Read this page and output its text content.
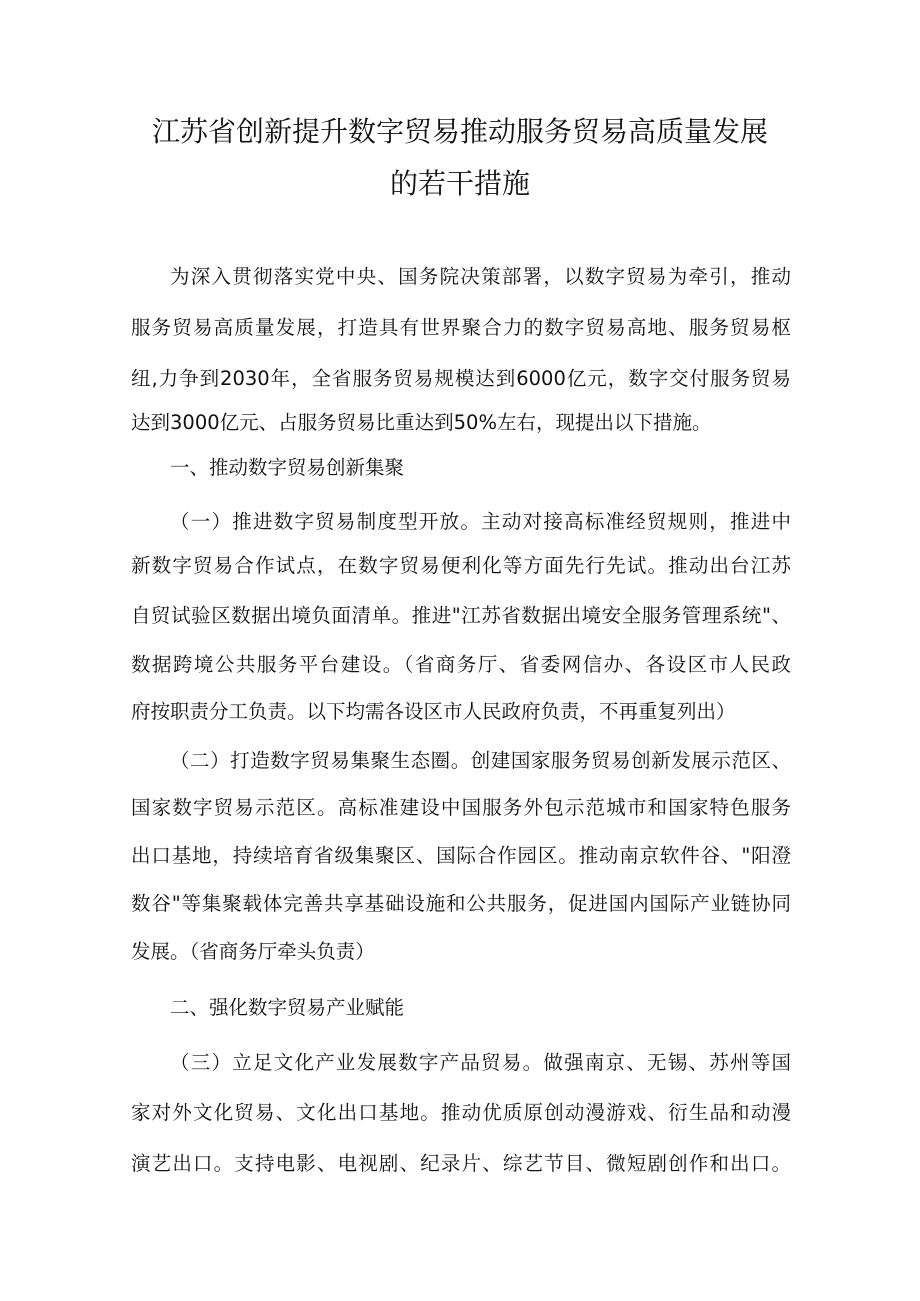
江苏省创新提升数字贸易推动服务贸易高质量发展
的若干措施
为深入贯彻落实党中央、国务院决策部署，以数字贸易为牵引，推动
服务贸易高质量发展，打造具有世界聚合力的数字贸易高地、服务贸易枢
纽,力争到2030年，全省服务贸易规模达到6000亿元，数字交付服务贸易
达到3000亿元、占服务贸易比重达到50%左右，现提出以下措施。
一、推动数字贸易创新集聚
（一）推进数字贸易制度型开放。主动对接高标准经贸规则，推进中
新数字贸易合作试点，在数字贸易便利化等方面先行先试。推动出台江苏
自贸试验区数据出境负面清单。推进"江苏省数据出境安全服务管理系统"、
数据跨境公共服务平台建设。（省商务厅、省委网信办、各设区市人民政
府按职责分工负责。以下均需各设区市人民政府负责，不再重复列出）
（二）打造数字贸易集聚生态圈。创建国家服务贸易创新发展示范区、
国家数字贸易示范区。高标准建设中国服务外包示范城市和国家特色服务
出口基地，持续培育省级集聚区、国际合作园区。推动南京软件谷、"阳澄
数谷"等集聚载体完善共享基础设施和公共服务，促进国内国际产业链协同
发展。（省商务厅牵头负责）
二、强化数字贸易产业赋能
（三）立足文化产业发展数字产品贸易。做强南京、无锡、苏州等国
家对外文化贸易、文化出口基地。推动优质原创动漫游戏、衍生品和动漫
演艺出口。支持电影、电视剧、纪录片、综艺节目、微短剧创作和出口。
